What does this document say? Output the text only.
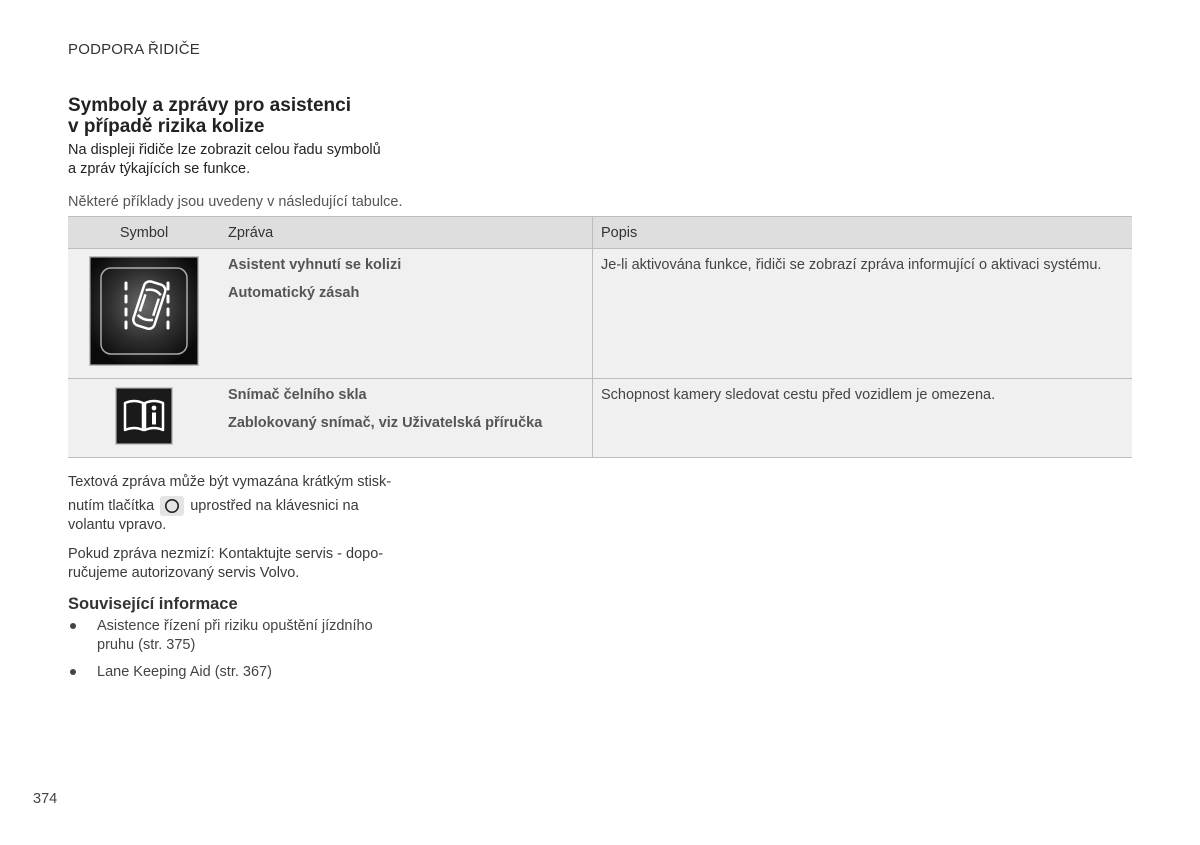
PODPORA ŘIDIČE
Symboly a zprávy pro asistenci
v případě rizika kolize

Na displeji řidiče lze zobrazit celou řadu symbolů
a zpráv týkajících se funkce.

Některé příklady jsou uvedeny v následující tabulce.

Symbol	Zpráva	Popis

Asistent vyhnutí se kolizi
Automatický zásah	Je-li aktivována funkce, řidiči se zobrazí zpráva informující o aktivaci systému.

Snímač čelního skla
Zablokovaný snímač, viz Uživatelská příručka	Schopnost kamery sledovat cestu před vozidlem je omezena.

Textová zpráva může být vymazána krátkým stisk-
nutím tlačítka uprostřed na klávesnici na
volantu vpravo.

Pokud zpráva nezmizí: Kontaktujte servis - dopo-
ručujeme autorizovaný servis Volvo.

Související informace
Asistence řízení při riziku opuštění jízdního
pruhu (str. 375)
Lane Keeping Aid (str. 367)
374
